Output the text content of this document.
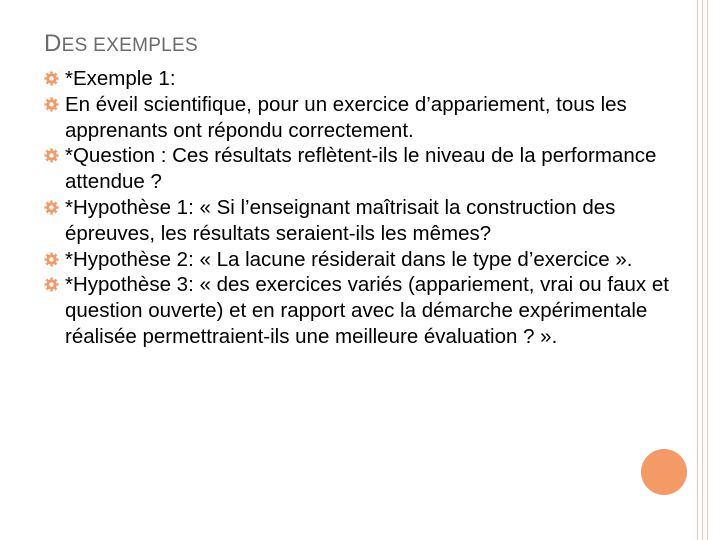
DES EXEMPLES
*Exemple 1:
En éveil scientifique, pour un exercice d’appariement, tous les apprenants ont répondu correctement.
*Question : Ces résultats reflètent-ils le niveau de la performance attendue ?
*Hypothèse 1: « Si l’enseignant maîtrisait la construction des épreuves, les résultats seraient-ils les mêmes?
*Hypothèse 2: « La lacune résiderait dans le type d’exercice ».
*Hypothèse 3: « des exercices variés (appariement, vrai ou faux et question ouverte) et en rapport avec la démarche expérimentale réalisée permettraient-ils une meilleure évaluation ? ».
